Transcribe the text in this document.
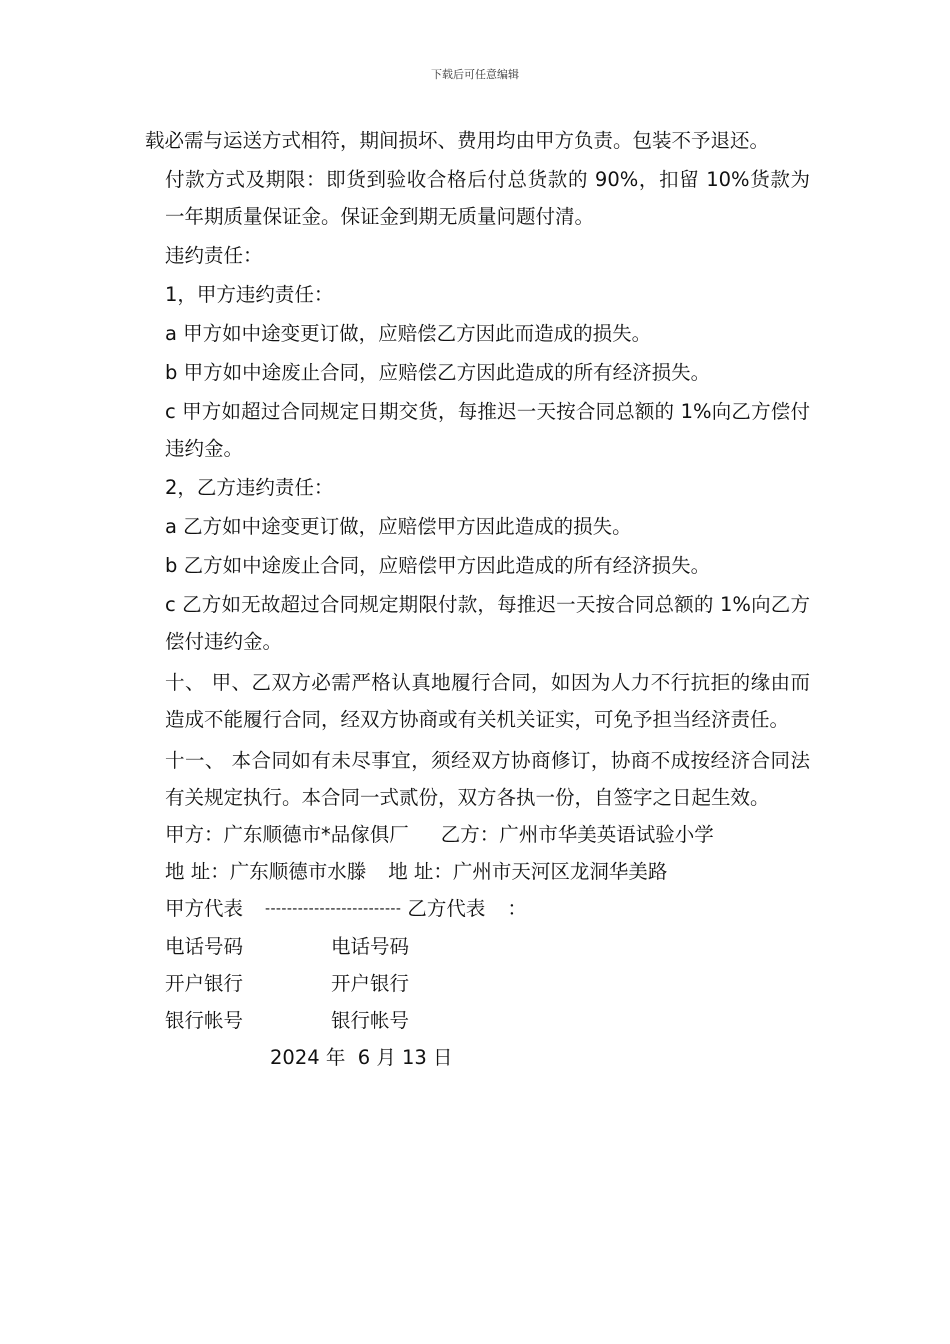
下载后可任意编辑

载必需与运送方式相符，期间损坏、费用均由甲方负责。包装不予退还。

付款方式及期限：即货到验收合格后付总货款的 90%，扣留 10%货款为一年期质量保证金。保证金到期无质量问题付清。

违约责任：

1，甲方违约责任：

a 甲方如中途变更订做，应赔偿乙方因此而造成的损失。

b 甲方如中途废止合同，应赔偿乙方因此造成的所有经济损失。

c 甲方如超过合同规定日期交货，每推迟一天按合同总额的 1%向乙方偿付违约金。

2，乙方违约责任：

a 乙方如中途变更订做，应赔偿甲方因此造成的损失。

b 乙方如中途废止合同，应赔偿甲方因此造成的所有经济损失。

c 乙方如无故超过合同规定期限付款，每推迟一天按合同总额的 1%向乙方偿付违约金。

十、 甲、乙双方必需严格认真地履行合同，如因为人力不行抗拒的缘由而造成不能履行合同，经双方协商或有关机关证实，可免予担当经济责任。

十一、 本合同如有未尽事宜，须经双方协商修订，协商不成按经济合同法有关规定执行。本合同一式贰份，双方各执一份，自签字之日起生效。

甲方：广东顺德市*品傢俱厂 乙方：广州市华美英语试验小学
地 址：广东顺德市水滕 地 址：广州市天河区龙洞华美路
甲方代表 ------------------------- 乙方代表 ：
电话号码	电话号码
开户银行	开户银行
银行帐号	银行帐号
2024 年  6 月 13 日
